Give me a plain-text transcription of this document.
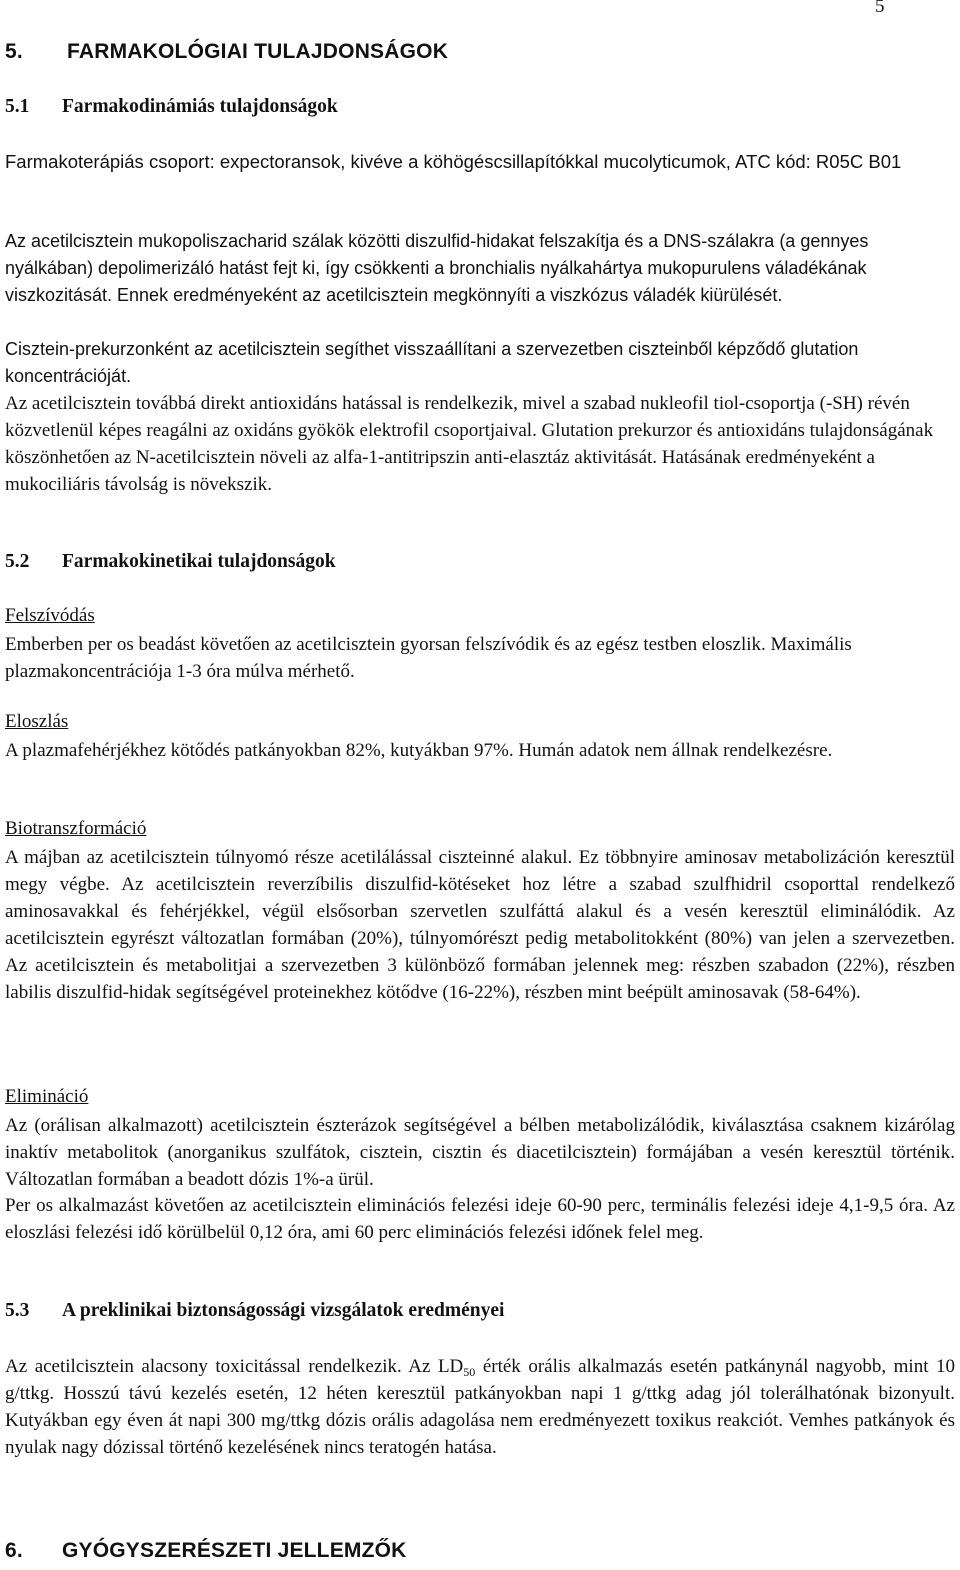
5
5. FARMAKOLÓGIAI TULAJDONSÁGOK
5.1 Farmakodinámiás tulajdonságok

Farmakoterápiás csoport: expectoransok, kivéve a köhögéscsillapítókkal mucolyticumok, ATC kód: R05C B01

Az acetilcisztein mukopoliszacharid szálak közötti diszulfid-hidakat felszakítja és a DNS-szálakra (a gennyes nyálkában) depolimerizáló hatást fejt ki, így csökkenti a bronchialis nyálkahártya mukopurulens váladékának viszkozitását. Ennek eredményeként az acetilcisztein megkönnyíti a viszkózus váladék kiürülését.

Cisztein-prekurzonként az acetilcisztein segíthet visszaállítani a szervezetben ciszteinből képződő glutation koncentrációját.

Az acetilcisztein továbbá direkt antioxidáns hatással is rendelkezik, mivel a szabad nukleofil tiol-csoportja (-SH) révén közvetlenül képes reagálni az oxidáns gyökök elektrofil csoportjaival. Glutation prekurzor és antioxidáns tulajdonságának köszönhetően az N-acetilcisztein növeli az alfa-1-antitripszin anti-elasztáz aktivitását. Hatásának eredményeként a mukociliáris távolság is növekszik.

5.2 Farmakokinetikai tulajdonságok
Felszívódás

Emberben per os beadást követően az acetilcisztein gyorsan felszívódik és az egész testben eloszlik. Maximális plazmakoncentrációja 1-3 óra múlva mérhető.

Eloszlás

A plazmafehérjékhez kötődés patkányokban 82%, kutyákban 97%. Humán adatok nem állnak rendelkezésre.

Biotranszformáció

A májban az acetilcisztein túlnyomó része acetilálással ciszteinné alakul. Ez többnyire aminosav metabolizáción keresztül megy végbe. Az acetilcisztein reverzíbilis diszulfid-kötéseket hoz létre a szabad szulfhidril csoporttal rendelkező aminosavakkal és fehérjékkel, végül elsősorban szervetlen szulfáttá alakul és a vesén keresztül eliminálódik. Az acetilcisztein egyrészt változatlan formában (20%), túlnyomórészt pedig metabolitokként (80%) van jelen a szervezetben. Az acetilcisztein és metabolitjai a szervezetben 3 különböző formában jelennek meg: részben szabadon (22%), részben labilis diszulfid-hidak segítségével proteinekhez kötődve (16-22%), részben mint beépült aminosavak (58-64%).

Elimináció

Az (orálisan alkalmazott) acetilcisztein észterázok segítségével a bélben metabolizálódik, kiválasztása csaknem kizárólag inaktív metabolitok (anorganikus szulfátok, cisztein, cisztin és diacetilcisztein) formájában a vesén keresztül történik. Változatlan formában a beadott dózis 1%-a ürül.

Per os alkalmazást követően az acetilcisztein eliminációs felezési ideje 60-90 perc, terminális felezési ideje 4,1-9,5 óra. Az eloszlási felezési idő körülbelül 0,12 óra, ami 60 perc eliminációs felezési időnek felel meg.

5.3 A preklinikai biztonságossági vizsgálatok eredményei

Az acetilcisztein alacsony toxicitással rendelkezik. Az $LD_{50}$ érték orális alkalmazás esetén patkánynál nagyobb, mint 10 g/ttkg. Hosszú távú kezelés esetén, 12 héten keresztül patkányokban napi 1 g/ttkg adag jól tolerálhatónak bizonyult. Kutyákban egy éven át napi 300 mg/ttkg dózis orális adagolása nem eredményezett toxikus reakciót. Vemhes patkányok és nyulak nagy dózissal történő kezelésének nincs teratogén hatása.

6. GYÓGYSZERÉSZETI JELLEMZŐK
